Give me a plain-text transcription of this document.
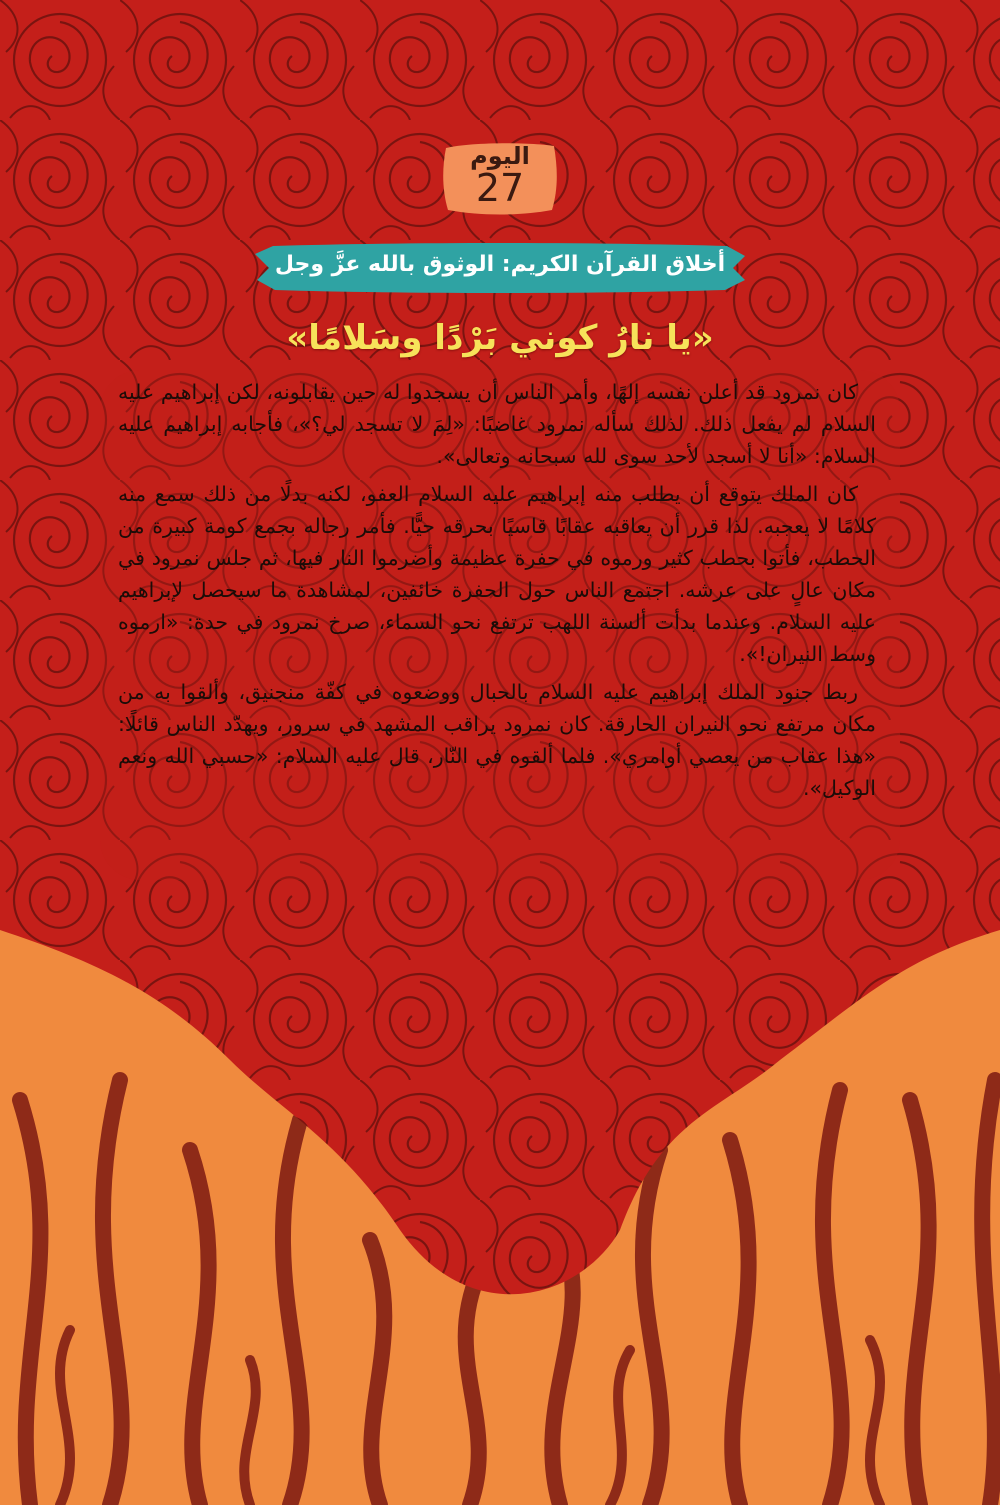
اليوم
27
أخلاق القرآن الكريم: الوثوق بالله عزَّ وجل
«يا نارُ كوني بَرْدًا وسَلامًا»

كان نمرود قد أعلن نفسه إلهًا، وأمر الناس أن يسجدوا له حين يقابلونه، لكن إبراهيم عليه السلام لم يفعل ذلك. لذلك سأله نمرود غاضبًا: «لِمَ لا تسجد لي؟»، فأجابه إبراهيم عليه السلام: «أنا لا أسجد لأحد سوى لله سبحانه وتعالى».

كان الملك يتوقع أن يطلب منه إبراهيم عليه السلام العفو، لكنه بدلًا من ذلك سمع منه كلامًا لا يعجبه. لذا قرر أن يعاقبه عقابًا قاسيًا بحرقه حيًّا. فأمر رجاله بجمع كومة كبيرة من الحطب، فأتوا بحطب كثير ورموه في حفرة عظيمة وأضرموا النار فيها، ثم جلس نمرود في مكان عالٍ على عرشه. اجتمع الناس حول الحفرة خائفين، لمشاهدة ما سيحصل لإبراهيم عليه السلام. وعندما بدأت ألسنة اللهب ترتفع نحو السماء، صرخ نمرود في حدة: «ارموه وسط النيران!».

ربط جنود الملك إبراهيم عليه السلام بالحبال ووضعوه في كفّة منجنيق، وألقوا به من مكان مرتفع نحو النيران الحارقة. كان نمرود يراقب المشهد في سرور، ويهدّد الناس قائلًا: «هذا عقاب من يعصي أوامري». فلما ألقوه في النّار، قال عليه السلام: «حسبي الله ونعم الوكيل».
